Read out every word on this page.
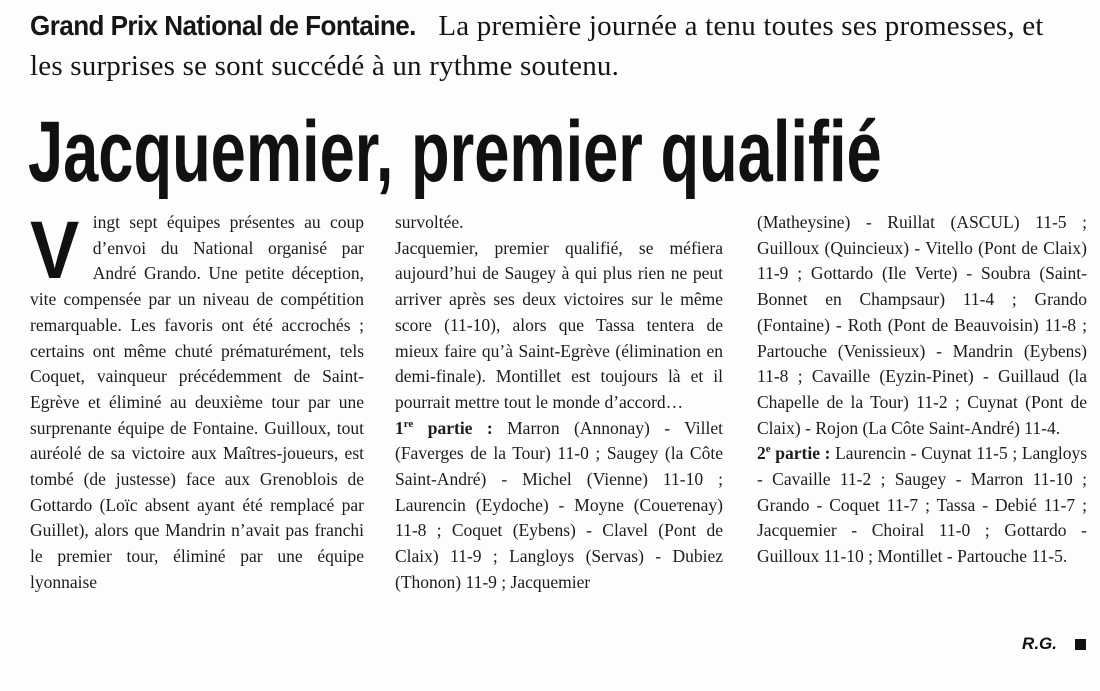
Grand Prix National de Fontaine. La première journée a tenu toutes ses promesses, et les surprises se sont succédé à un rythme soutenu.
Jacquemier, premier qualifié

Vingt sept équipes présentes au coup d’envoi du National organisé par André Grando. Une petite déception, vite compensée par un niveau de compétition remarquable. Les favoris ont été accrochés ; certains ont même chuté prématurément, tels Coquet, vainqueur précédemment de Saint-Egrève et éliminé au deuxième tour par une surprenante équipe de Fontaine. Guilloux, tout auréolé de sa victoire aux Maîtres-joueurs, est tombé (de justesse) face aux Grenoblois de Gottardo (Loïc absent ayant été remplacé par Guillet), alors que Mandrin n’avait pas franchi le premier tour, éliminé par une équipe lyonnaise

survoltée.

Jacquemier, premier qualifié, se méfiera aujourd’hui de Saugey à qui plus rien ne peut arriver après ses deux victoires sur le même score (11-10), alors que Tassa tentera de mieux faire qu’à Saint-Egrève (élimination en demi-finale). Montillet est toujours là et il pourrait mettre tout le monde d’accord…

1re partie : Marron (Annonay) - Villet (Faverges de la Tour) 11-0 ; Saugey (la Côte Saint-André) - Michel (Vienne) 11-10 ; Laurencin (Eydoche) - Moyne (Coueтenay) 11-8 ; Coquet (Eybens) - Clavel (Pont de Claix) 11-9 ; Langloys (Servas) - Dubiez (Thonon) 11-9 ; Jacquemier

(Matheysine) - Ruillat (ASCUL) 11-5 ; Guilloux (Quincieux) - Vitello (Pont de Claix) 11-9 ; Gottardo (Ile Verte) - Soubra (Saint-Bonnet en Champsaur) 11-4 ; Grando (Fontaine) - Roth (Pont de Beauvoisin) 11-8 ; Partouche (Venissieux) - Mandrin (Eybens) 11-8 ; Cavaille (Eyzin-Pinet) - Guillaud (la Chapelle de la Tour) 11-2 ; Cuynat (Pont de Claix) - Rojon (La Côte Saint-André) 11-4.

2e partie : Laurencin - Cuynat 11-5 ; Langloys - Cavaille 11-2 ; Saugey - Marron 11-10 ; Grando - Coquet 11-7 ; Tassa - Debié 11-7 ; Jacquemier - Choiral 11-0 ; Gottardo - Guilloux 11-10 ; Montillet - Partouche 11-5.

R.G.
